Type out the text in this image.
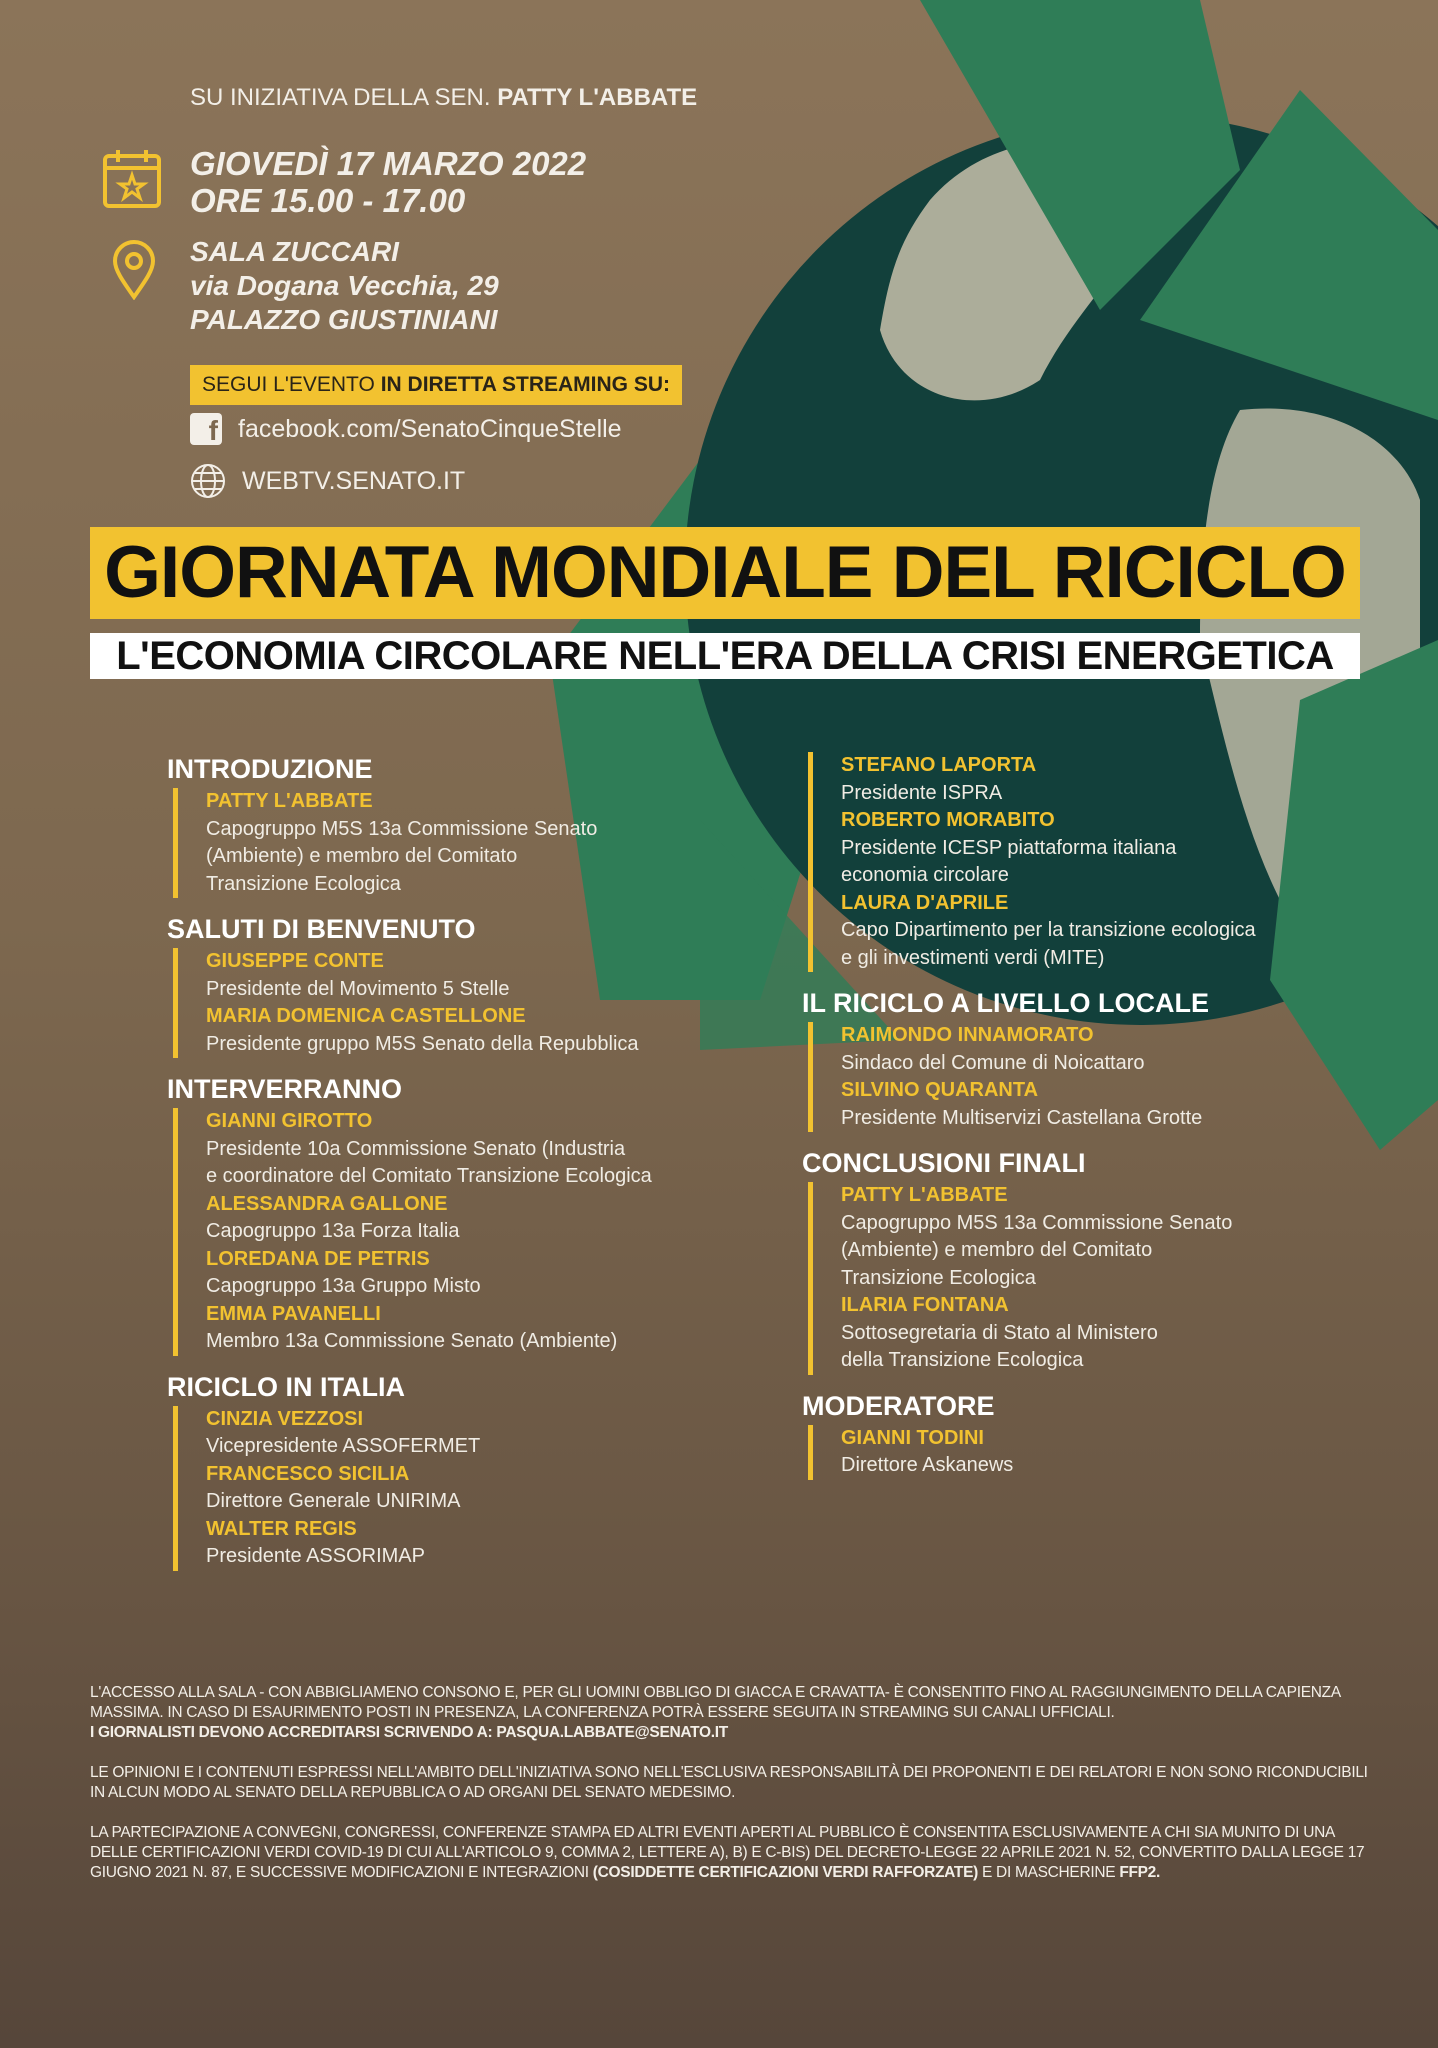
SU INIZIATIVA DELLA SEN. PATTY L'ABBATE
GIOVEDÌ 17 MARZO 2022
ORE 15.00 - 17.00
SALA ZUCCARI
via Dogana Vecchia, 29
PALAZZO GIUSTINIANI
SEGUI L'EVENTO IN DIRETTA STREAMING SU:
f facebook.com/SenatoCinqueStelle
WEBTV.SENATO.IT
GIORNATA MONDIALE DEL RICICLO
L'ECONOMIA CIRCOLARE NELL'ERA DELLA CRISI ENERGETICA
INTRODUZIONE
PATTY L'ABBATE
Capogruppo M5S 13a Commissione Senato
(Ambiente) e membro del Comitato
Transizione Ecologica
SALUTI DI BENVENUTO
GIUSEPPE CONTE
Presidente del Movimento 5 Stelle
MARIA DOMENICA CASTELLONE
Presidente gruppo M5S Senato della Repubblica
INTERVERRANNO
GIANNI GIROTTO
Presidente 10a Commissione Senato (Industria
e coordinatore del Comitato Transizione Ecologica
ALESSANDRA GALLONE
Capogruppo 13a Forza Italia
LOREDANA DE PETRIS
Capogruppo 13a Gruppo Misto
EMMA PAVANELLI
Membro 13a Commissione Senato (Ambiente)
RICICLO IN ITALIA
CINZIA VEZZOSI
Vicepresidente ASSOFERMET
FRANCESCO SICILIA
Direttore Generale UNIRIMA
WALTER REGIS
Presidente ASSORIMAP
STEFANO LAPORTA
Presidente ISPRA
ROBERTO MORABITO
Presidente ICESP piattaforma italiana
economia circolare
LAURA D'APRILE
Capo Dipartimento per la transizione ecologica
e gli investimenti verdi (MITE)
IL RICICLO A LIVELLO LOCALE
RAIMONDO INNAMORATO
Sindaco del Comune di Noicattaro
SILVINO QUARANTA
Presidente Multiservizi Castellana Grotte
CONCLUSIONI FINALI
PATTY L'ABBATE
Capogruppo M5S 13a Commissione Senato
(Ambiente) e membro del Comitato
Transizione Ecologica
ILARIA FONTANA
Sottosegretaria di Stato al Ministero
della Transizione Ecologica
MODERATORE
GIANNI TODINI
Direttore Askanews

L'ACCESSO ALLA SALA - CON ABBIGLIAMENO CONSONO E, PER GLI UOMINI OBBLIGO DI GIACCA E CRAVATTA- È CONSENTITO FINO AL RAGGIUNGIMENTO DELLA CAPIENZA MASSIMA. IN CASO DI ESAURIMENTO POSTI IN PRESENZA, LA CONFERENZA POTRÀ ESSERE SEGUITA IN STREAMING SUI CANALI UFFICIALI.
I GIORNALISTI DEVONO ACCREDITARSI SCRIVENDO A: PASQUA.LABBATE@SENATO.IT

LE OPINIONI E I CONTENUTI ESPRESSI NELL'AMBITO DELL'INIZIATIVA SONO NELL'ESCLUSIVA RESPONSABILITÀ DEI PROPONENTI E DEI RELATORI E NON SONO RICONDUCIBILI IN ALCUN MODO AL SENATO DELLA REPUBBLICA O AD ORGANI DEL SENATO MEDESIMO.

LA PARTECIPAZIONE A CONVEGNI, CONGRESSI, CONFERENZE STAMPA ED ALTRI EVENTI APERTI AL PUBBLICO È CONSENTITA ESCLUSIVAMENTE A CHI SIA MUNITO DI UNA DELLE CERTIFICAZIONI VERDI COVID-19 DI CUI ALL'ARTICOLO 9, COMMA 2, LETTERE A), B) E C-BIS) DEL DECRETO-LEGGE 22 APRILE 2021 N. 52, CONVERTITO DALLA LEGGE 17 GIUGNO 2021 N. 87, E SUCCESSIVE MODIFICAZIONI E INTEGRAZIONI (COSIDDETTE CERTIFICAZIONI VERDI RAFFORZATE) E DI MASCHERINE FFP2.
